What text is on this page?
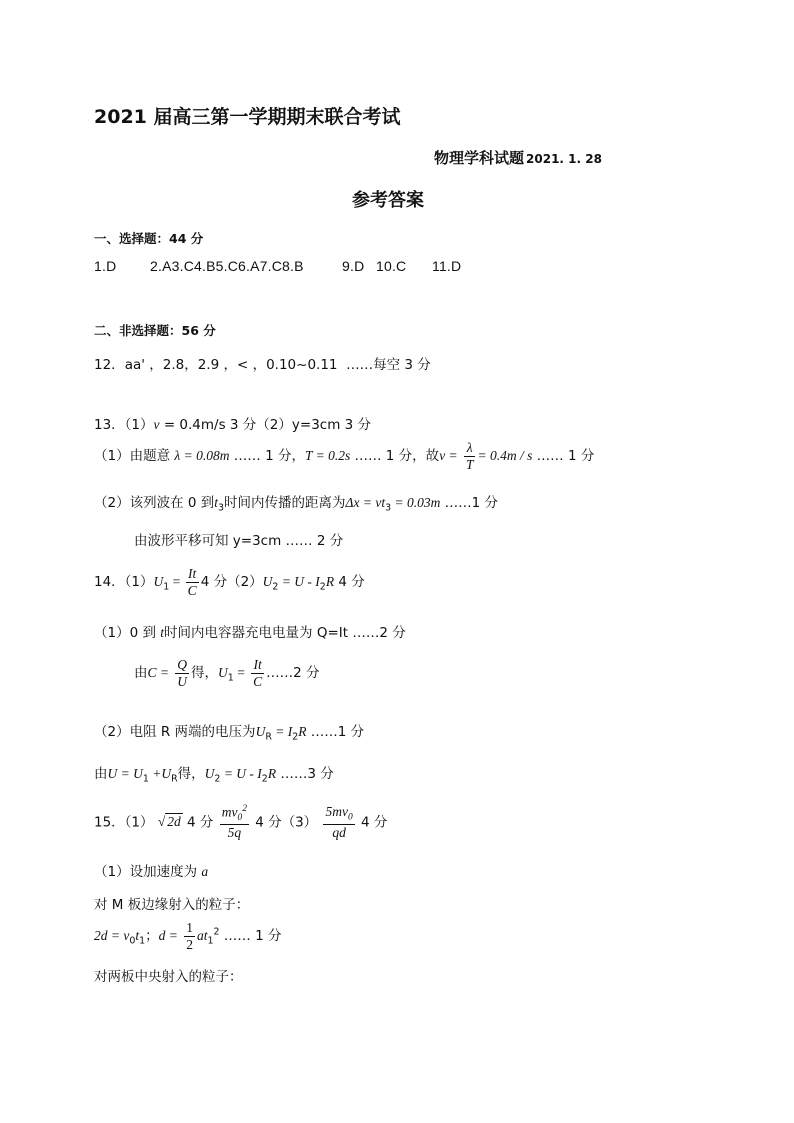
2021 届高三第一学期期末联合考试
物理学科试题 2021. 1. 28
参考答案
一、选择题：44 分
1.D 2.A3.C4.B5.C6.A7.C8.B	9.D 10.C 11.D
二、非选择题：56 分
12．aa' ，2.8，2.9 ，< ，0.10~0.11 ……每空 3 分
13．（1）v = 0.4m/s 3 分（2）y=3cm 3 分
（1）由题意 λ = 0.08m …… 1 分，T = 0.2s …… 1 分，故$v = \frac{\lambda}{T} = 0.4m / s$ …… 1 分
（2）该列波在 0 到$t_3$时间内传播的距离为$\Delta x = vt_3 = 0.03m$ ……1 分
由波形平移可知 y=3cm …… 2 分
14．$(1)U_1 = \frac{It}{C} 4$ 分$(2)U_2 = U - I_2R$ 4 分
（1）0 到 t时间内电容器充电电量为 Q=It ……2 分
由$C = \frac{Q}{U}$ 得，$U_1 = \frac{It}{C}$ ……2 分
（2）电阻 R 两端的电压为$U_R = I_2R$ ……1 分
由$U = U_1 +U_R$得，$U_2 = U - I_2R$ ……3 分
15．（1） √ 2d 4 分 $\frac{mv_0^2}{5q} 4$ 分$(3) \frac{5mv_0}{qd} 4$ 分
（1）设加速度为 a
对 M 板边缘射入的粒子：
$2d = v_0t_1$；$d = \frac{1}{2} at_1^2$ …… 1 分
对两板中央射入的粒子：
